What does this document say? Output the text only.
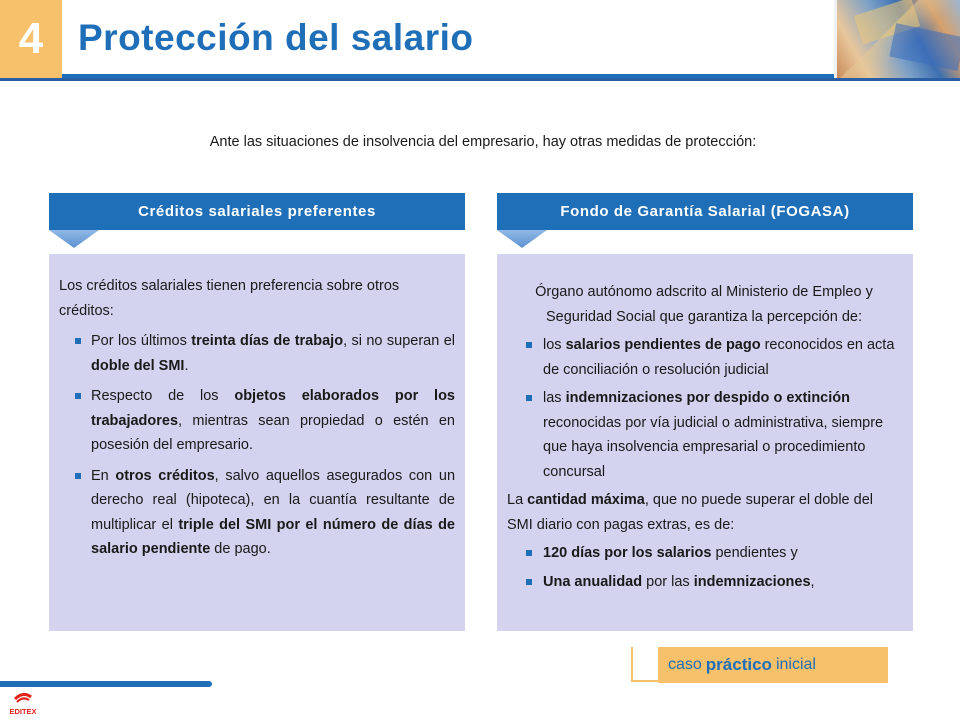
4 Protección del salario
Ante las situaciones de insolvencia del empresario, hay otras medidas de protección:
Créditos salariales preferentes

Los créditos salariales tienen preferencia sobre otros créditos:

Por los últimos treinta días de trabajo, si no superan el doble del SMI.
Respecto de los objetos elaborados por los trabajadores, mientras sean propiedad o estén en posesión del empresario.
En otros créditos, salvo aquellos asegurados con un derecho real (hipoteca), en la cuantía resultante de multiplicar el triple del SMI por el número de días de salario pendiente de pago.
Fondo de Garantía Salarial (FOGASA)

Órgano autónomo adscrito al Ministerio de Empleo y Seguridad Social que garantiza la percepción de:

los salarios pendientes de pago reconocidos en acta de conciliación o resolución judicial
las indemnizaciones por despido o extinción reconocidas por vía judicial o administrativa, siempre que haya insolvencia empresarial o procedimiento concursal

La cantidad máxima, que no puede superar el doble del SMI diario con pagas extras, es de:

120 días por los salarios pendientes y
Una anualidad por las indemnizaciones,
caso práctico inicial
EDITEX
